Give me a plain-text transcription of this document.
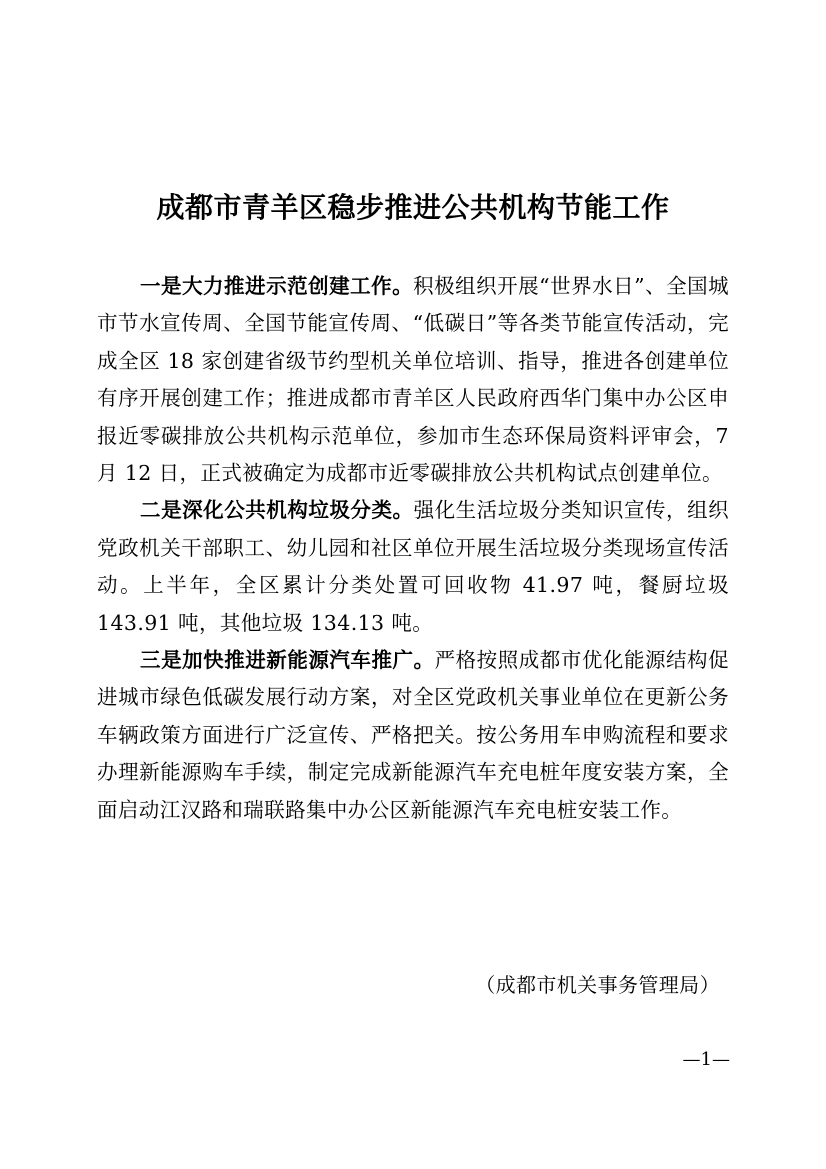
成都市青羊区稳步推进公共机构节能工作

一是大力推进示范创建工作。积极组织开展“世界水日”、全国城市节水宣传周、全国节能宣传周、“低碳日”等各类节能宣传活动，完成全区 18 家创建省级节约型机关单位培训、指导，推进各创建单位有序开展创建工作；推进成都市青羊区人民政府西华门集中办公区申报近零碳排放公共机构示范单位，参加市生态环保局资料评审会，7 月 12 日，正式被确定为成都市近零碳排放公共机构试点创建单位。

二是深化公共机构垃圾分类。强化生活垃圾分类知识宣传，组织党政机关干部职工、幼儿园和社区单位开展生活垃圾分类现场宣传活动。上半年，全区累计分类处置可回收物 41.97 吨，餐厨垃圾 143.91 吨，其他垃圾 134.13 吨。

三是加快推进新能源汽车推广。严格按照成都市优化能源结构促进城市绿色低碳发展行动方案，对全区党政机关事业单位在更新公务车辆政策方面进行广泛宣传、严格把关。按公务用车申购流程和要求办理新能源购车手续，制定完成新能源汽车充电桩年度安装方案，全面启动江汉路和瑞联路集中办公区新能源汽车充电桩安装工作。

（成都市机关事务管理局）
—1—
